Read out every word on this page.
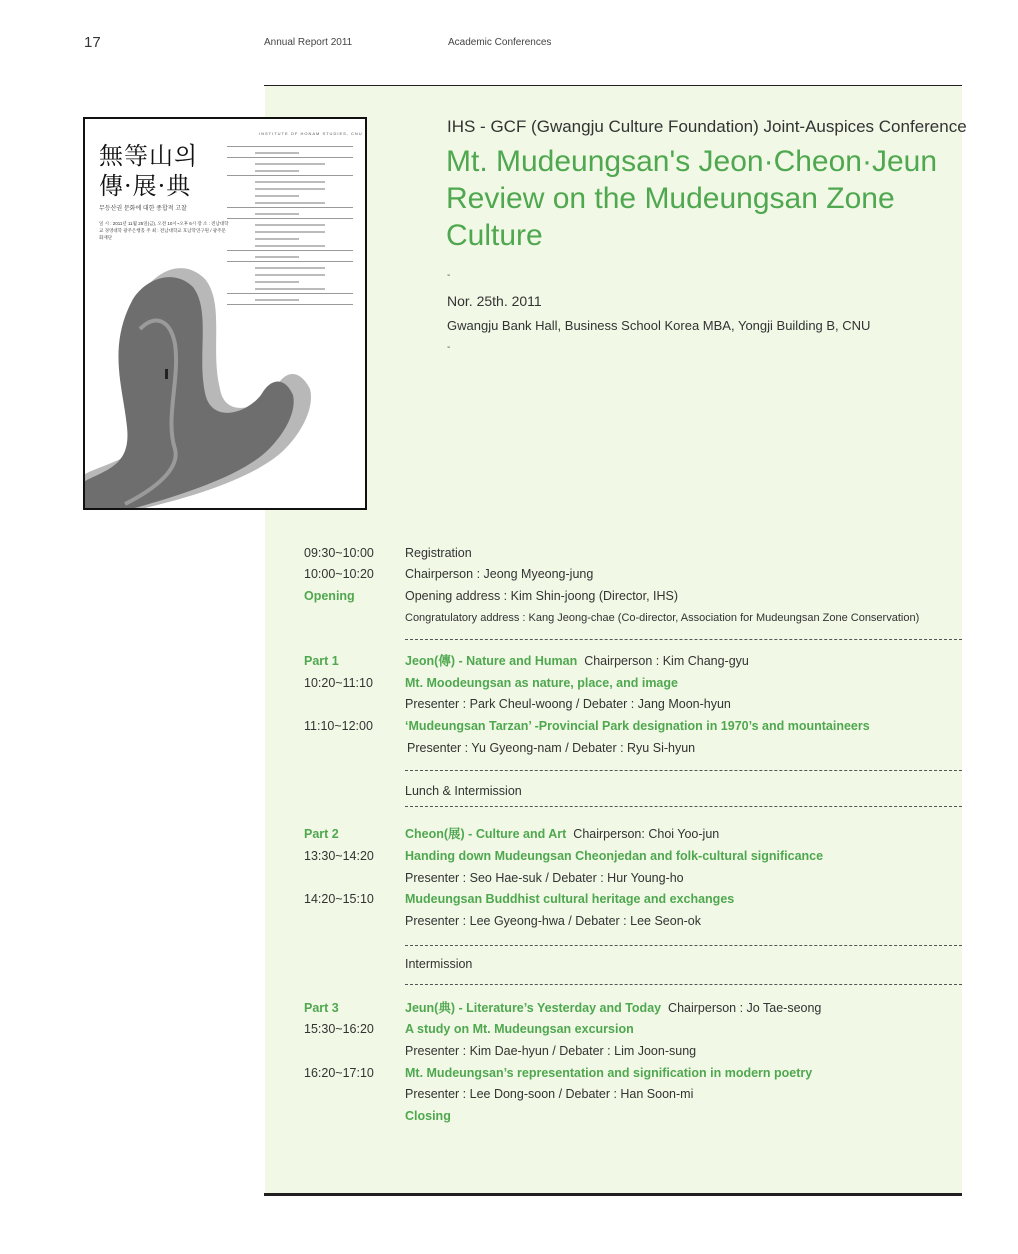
17	Annual Report 2011	Academic Conferences
INSTITUTE OF HONAM STUDIES, CNU
無等山의
傳·展·典
무등산권 문화에 대한 종합적 고찰
일 시 : 2011년 11월 25일(금), 오전 10시~오후 6시 장 소 : 전남대학교 경영대학 광주은행홀 주 최 : 전남대학교 호남학연구원 / 광주문화재단
IHS - GCF (Gwangju Culture Foundation) Joint-Auspices Conference
Mt. Mudeungsan's Jeon·Cheon·Jeun
Review on the Mudeungsan Zone Culture
-
Nor. 25th. 2011
Gwangju Bank Hall, Business School Korea MBA, Yongji Building B, CNU
-
09:30~10:00 Registration
10:00~10:20 Chairperson : Jeong Myeong-jung
Opening	Opening address : Kim Shin-joong (Director, IHS)
Congratulatory address : Kang Jeong-chae (Co-director, Association for Mudeungsan Zone Conservation)
Part 1	Jeon(傳) - Nature and Human Chairperson : Kim Chang-gyu
10:20~11:10	Mt. Moodeungsan as nature, place, and image
Presenter : Park Cheul-woong / Debater : Jang Moon-hyun
11:10~12:00	‘Mudeungsan Tarzan’ -Provincial Park designation in 1970’s and mountaineers
Presenter : Yu Gyeong-nam / Debater : Ryu Si-hyun
Lunch & Intermission
Part 2	Cheon(展) - Culture and Art Chairperson: Choi Yoo-jun
13:30~14:20 Handing down Mudeungsan Cheonjedan and folk-cultural significance
Presenter : Seo Hae-suk / Debater : Hur Young-ho
14:20~15:10 Mudeungsan Buddhist cultural heritage and exchanges
Presenter : Lee Gyeong-hwa / Debater : Lee Seon-ok
Intermission
Part 3	Jeun(典) - Literature’s Yesterday and Today Chairperson : Jo Tae-seong
15:30~16:20 A study on Mt. Mudeungsan excursion
Presenter : Kim Dae-hyun / Debater : Lim Joon-sung
16:20~17:10 Mt. Mudeungsan’s representation and signification in modern poetry
Presenter : Lee Dong-soon / Debater : Han Soon-mi
Closing
